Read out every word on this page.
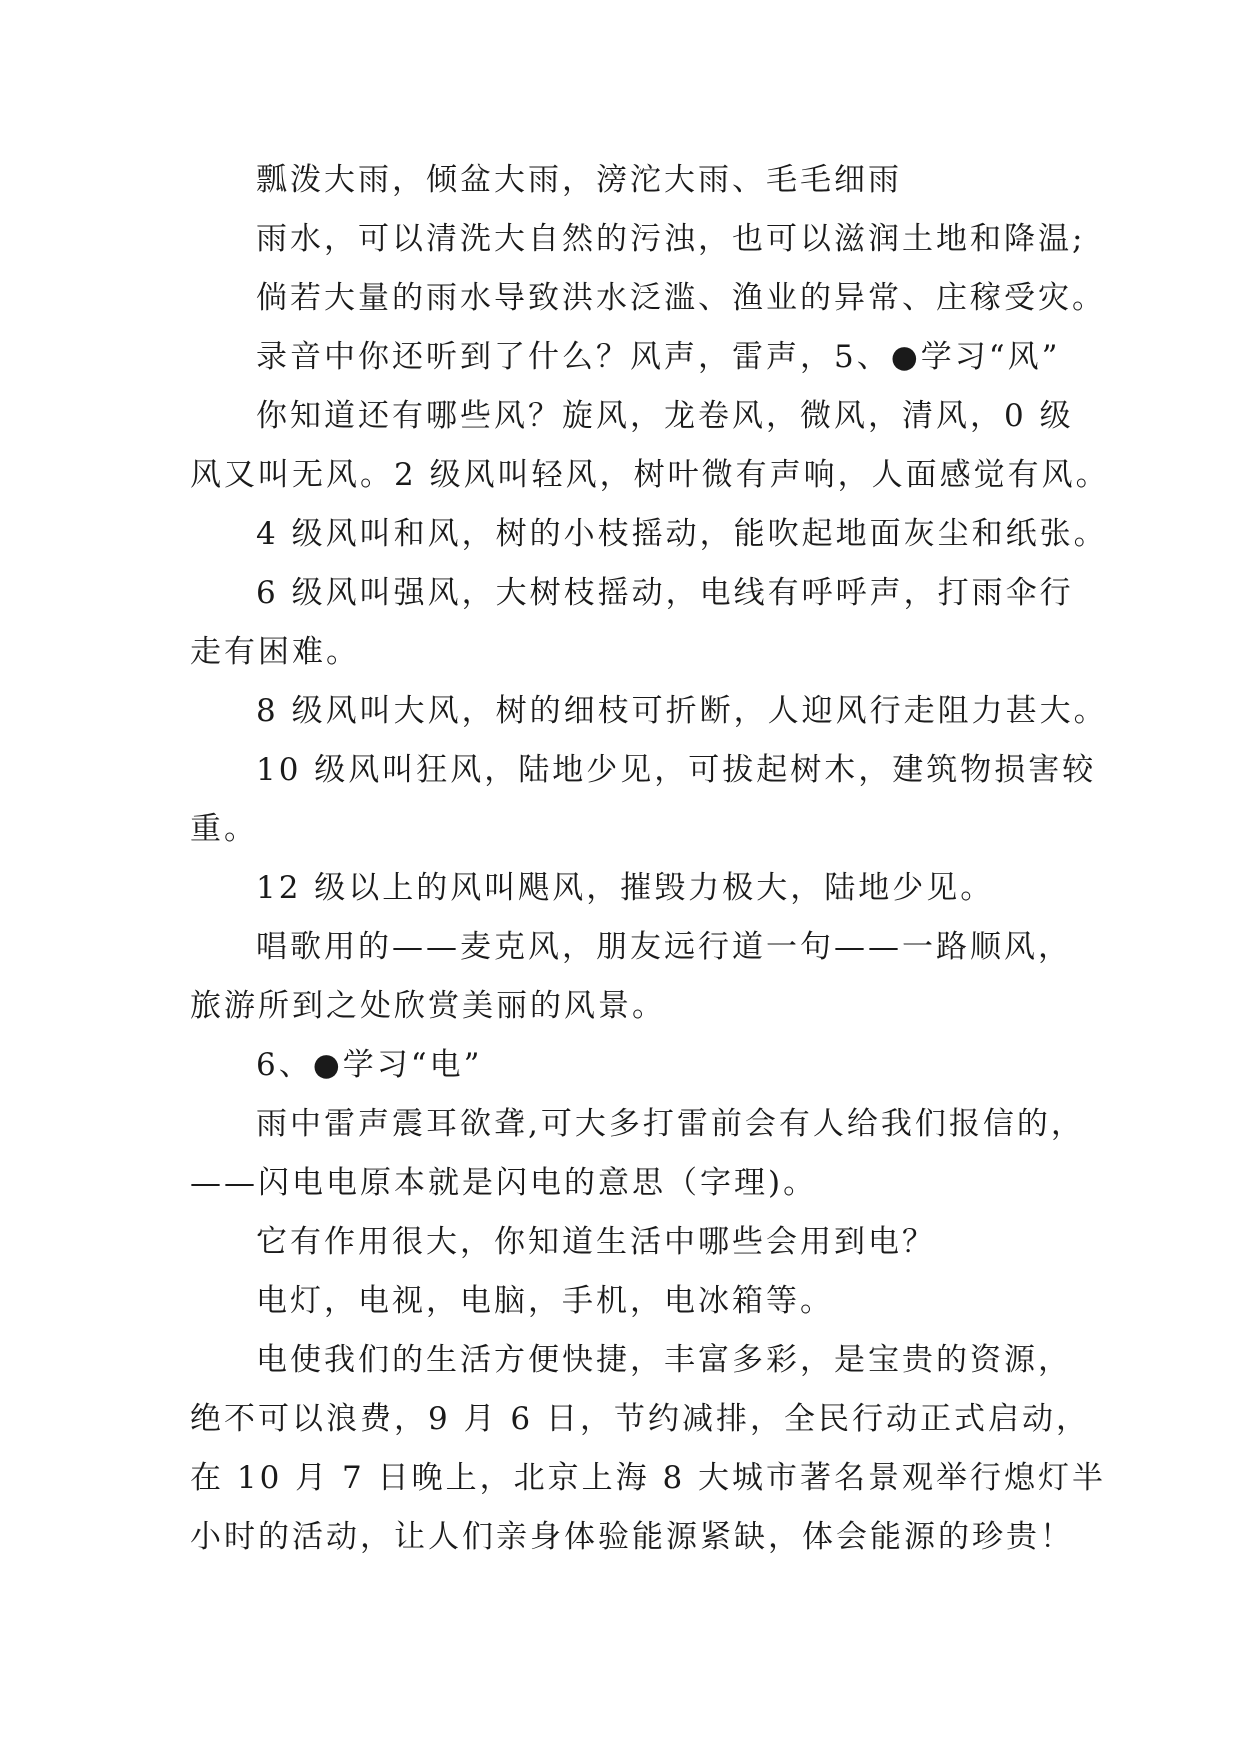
瓢泼大雨，倾盆大雨，滂沱大雨、毛毛细雨
雨水，可以清洗大自然的污浊，也可以滋润土地和降温;
倘若大量的雨水导致洪水泛滥、渔业的异常、庄稼受灾。
录音中你还听到了什么？风声，雷声，5、●学习“风”
你知道还有哪些风？旋风，龙卷风，微风，清风，0 级
风又叫无风。2 级风叫轻风，树叶微有声响，人面感觉有风。
4 级风叫和风，树的小枝摇动，能吹起地面灰尘和纸张。
6 级风叫强风，大树枝摇动，电线有呼呼声，打雨伞行
走有困难。
8 级风叫大风，树的细枝可折断，人迎风行走阻力甚大。
10 级风叫狂风，陆地少见，可拔起树木，建筑物损害较
重。
12 级以上的风叫飓风，摧毁力极大，陆地少见。
唱歌用的——麦克风，朋友远行道一句——一路顺风，
旅游所到之处欣赏美丽的风景。
6、●学习“电”
雨中雷声震耳欲聋,可大多打雷前会有人给我们报信的，
——闪电电原本就是闪电的意思（字理)。
它有作用很大，你知道生活中哪些会用到电？
电灯，电视，电脑，手机，电冰箱等。
电使我们的生活方便快捷，丰富多彩，是宝贵的资源，
绝不可以浪费，9 月 6 日，节约减排，全民行动正式启动，
在 10 月 7 日晚上，北京上海 8 大城市著名景观举行熄灯半
小时的活动，让人们亲身体验能源紧缺，体会能源的珍贵！
